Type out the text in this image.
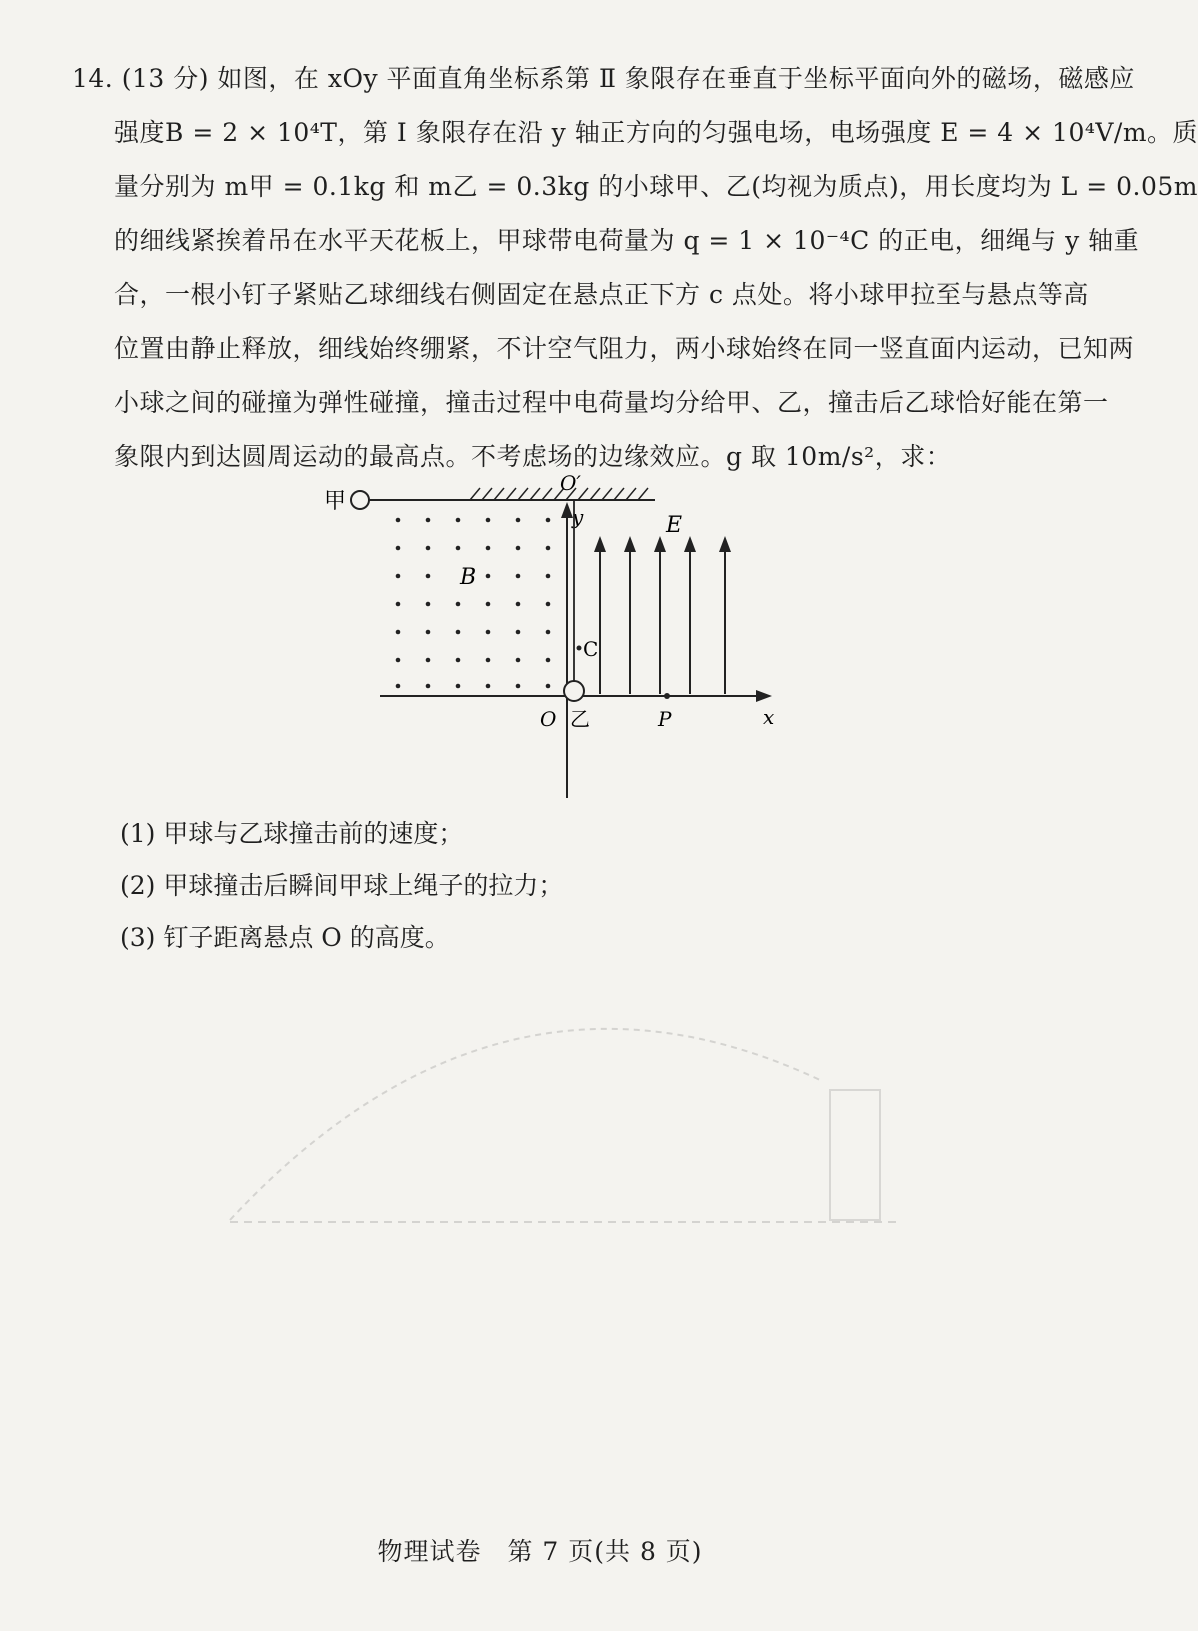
14. (13 分) 如图，在 xOy 平面直角坐标系第 Ⅱ 象限存在垂直于坐标平面向外的磁场，磁感应
强度B = 2 × 10⁴T，第 Ⅰ 象限存在沿 y 轴正方向的匀强电场，电场强度 E = 4 × 10⁴V/m。质
量分别为 m甲 = 0.1kg 和 m乙 = 0.3kg 的小球甲、乙(均视为质点)，用长度均为 L = 0.05m
的细线紧挨着吊在水平天花板上，甲球带电荷量为 q = 1 × 10⁻⁴C 的正电，细绳与 y 轴重
合，一根小钉子紧贴乙球细线右侧固定在悬点正下方 c 点处。将小球甲拉至与悬点等高
位置由静止释放，细线始终绷紧，不计空气阻力，两小球始终在同一竖直面内运动，已知两
小球之间的碰撞为弹性碰撞，撞击过程中电荷量均分给甲、乙，撞击后乙球恰好能在第一
象限内到达圆周运动的最高点。不考虑场的边缘效应。g 取 10m/s²，求：
甲
O′
y
C
x
O 乙	P
B
E
(1) 甲球与乙球撞击前的速度；
(2) 甲球撞击后瞬间甲球上绳子的拉力；
(3) 钉子距离悬点 O 的高度。
物理试卷　第 7 页(共 8 页)
